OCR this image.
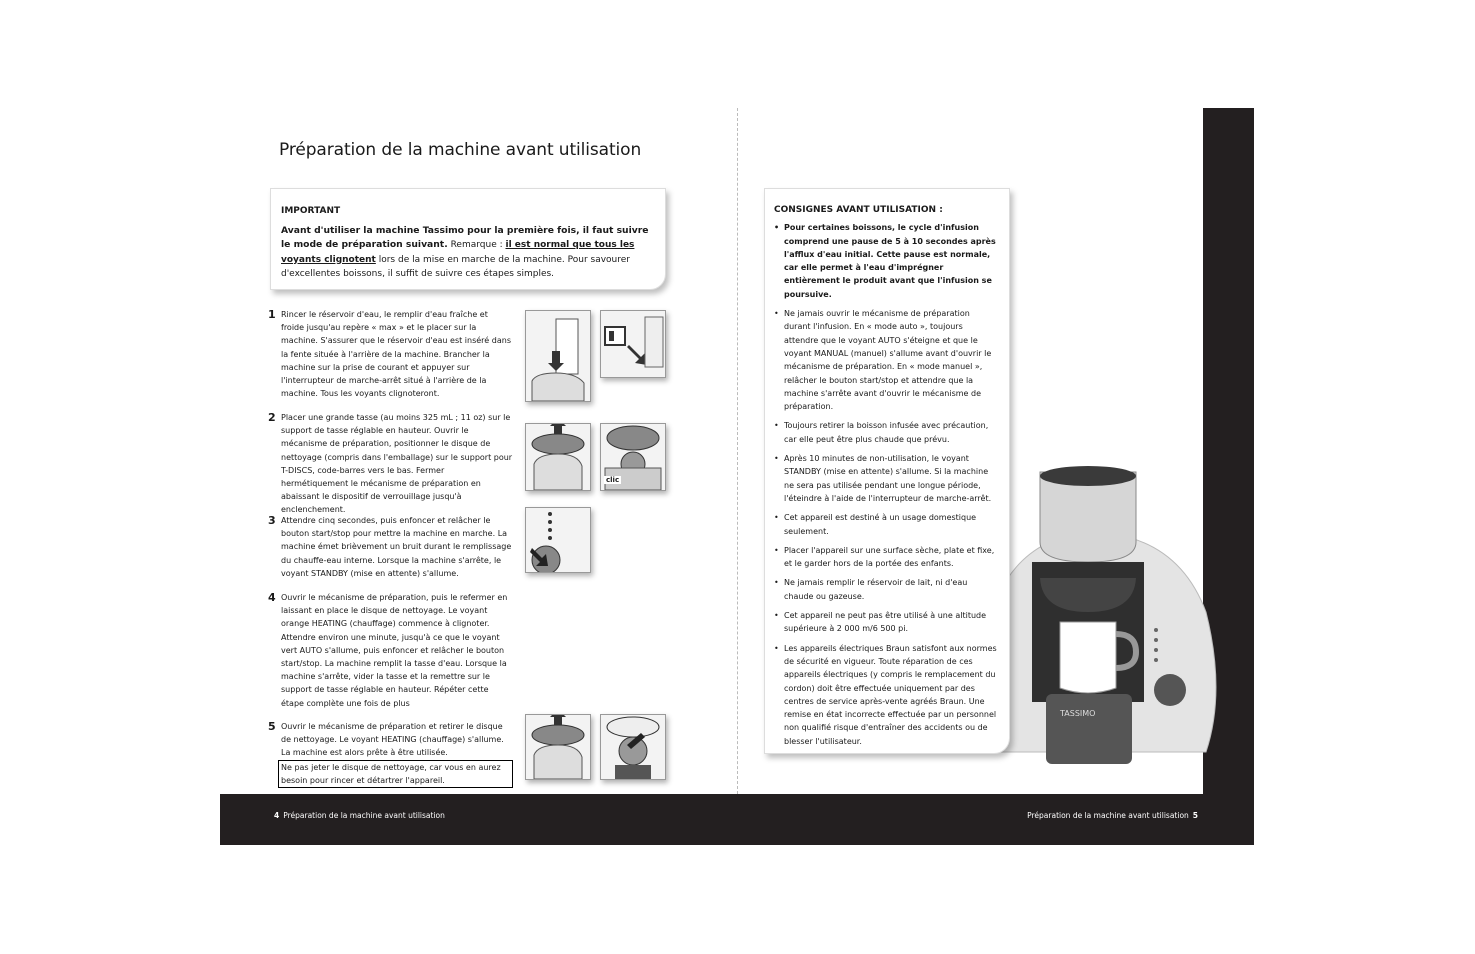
Préparation de la machine avant utilisation
IMPORTANT
Avant d'utiliser la machine Tassimo pour la première fois, il faut suivre le mode de préparation suivant. Remarque : il est normal que tous les voyants clignotent lors de la mise en marche de la machine. Pour savourer d'excellentes boissons, il suffit de suivre ces étapes simples.
1 Rincer le réservoir d'eau, le remplir d'eau fraîche et froide jusqu'au repère « max » et le placer sur la machine. S'assurer que le réservoir d'eau est inséré dans la fente située à l'arrière de la machine. Brancher la machine sur la prise de courant et appuyer sur l'interrupteur de marche-arrêt situé à l'arrière de la machine. Tous les voyants clignoteront.
2 Placer une grande tasse (au moins 325 mL ; 11 oz) sur le support de tasse réglable en hauteur. Ouvrir le mécanisme de préparation, positionner le disque de nettoyage (compris dans l'emballage) sur le support pour T-DISCS, code-barres vers le bas. Fermer hermétiquement le mécanisme de préparation en abaissant le dispositif de verrouillage jusqu'à enclenchement.
3 Attendre cinq secondes, puis enfoncer et relâcher le bouton start/stop pour mettre la machine en marche. La machine émet brièvement un bruit durant le remplissage du chauffe-eau interne. Lorsque la machine s'arrête, le voyant STANDBY (mise en attente) s'allume.
4 Ouvrir le mécanisme de préparation, puis le refermer en laissant en place le disque de nettoyage. Le voyant orange HEATING (chauffage) commence à clignoter. Attendre environ une minute, jusqu'à ce que le voyant vert AUTO s'allume, puis enfoncer et relâcher le bouton start/stop. La machine remplit la tasse d'eau. Lorsque la machine s'arrête, vider la tasse et la remettre sur le support de tasse réglable en hauteur. Répéter cette étape complète une fois de plus
5 Ouvrir le mécanisme de préparation et retirer le disque de nettoyage. Le voyant HEATING (chauffage) s'allume. La machine est alors prête à être utilisée.
Ne pas jeter le disque de nettoyage, car vous en aurez besoin pour rincer et détartrer l'appareil.
clic
TASSIMO
CONSIGNES AVANT UTILISATION :
• Pour certaines boissons, le cycle d'infusion comprend une pause de 5 à 10 secondes après l'afflux d'eau initial. Cette pause est normale, car elle permet à l'eau d'imprégner entièrement le produit avant que l'infusion se poursuive.
• Ne jamais ouvrir le mécanisme de préparation durant l'infusion. En « mode auto », toujours attendre que le voyant AUTO s'éteigne et que le voyant MANUAL (manuel) s'allume avant d'ouvrir le mécanisme de préparation. En « mode manuel », relâcher le bouton start/stop et attendre que la machine s'arrête avant d'ouvrir le mécanisme de préparation.
• Toujours retirer la boisson infusée avec précaution, car elle peut être plus chaude que prévu.
• Après 10 minutes de non-utilisation, le voyant STANDBY (mise en attente) s'allume. Si la machine ne sera pas utilisée pendant une longue période, l'éteindre à l'aide de l'interrupteur de marche-arrêt.
• Cet appareil est destiné à un usage domestique seulement.
• Placer l'appareil sur une surface sèche, plate et fixe, et le garder hors de la portée des enfants.
• Ne jamais remplir le réservoir de lait, ni d'eau chaude ou gazeuse.
• Cet appareil ne peut pas être utilisé à une altitude supérieure à 2 000 m/6 500 pi.
• Les appareils électriques Braun satisfont aux normes de sécurité en vigueur. Toute réparation de ces appareils électriques (y compris le remplacement du cordon) doit être effectuée uniquement par des centres de service après-vente agréés Braun. Une remise en état incorrecte effectuée par un personnel non qualifié risque d'entraîner des accidents ou de blesser l'utilisateur.
4 Préparation de la machine avant utilisation	Préparation de la machine avant utilisation 5
